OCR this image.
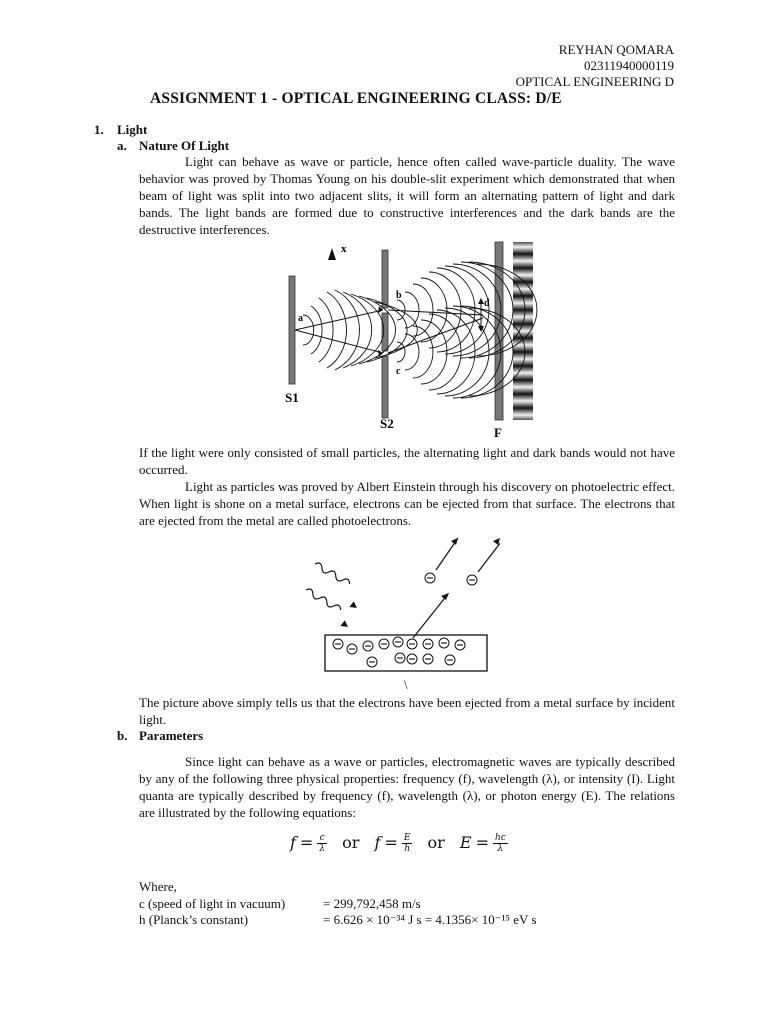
REYHAN QOMARA
02311940000119
OPTICAL ENGINEERING D
ASSIGNMENT 1 - OPTICAL ENGINEERING CLASS: D/E
1. Light
a. Nature Of Light
Light can behave as wave or particle, hence often called wave-particle duality. The wave behavior was proved by Thomas Young on his double-slit experiment which demonstrated that when beam of light was split into two adjacent slits, it will form an alternating pattern of light and dark bands. The light bands are formed due to constructive interferences and the dark bands are the destructive interferences.
x
a
b
c
d
S1
S2
F
If the light were only consisted of small particles, the alternating light and dark bands would not have occurred.
Light as particles was proved by Albert Einstein through his discovery on photoelectric effect. When light is shone on a metal surface, electrons can be ejected from that surface. The electrons that are ejected from the metal are called photoelectrons.
\
The picture above simply tells us that the electrons have been ejected from a metal surface by incident light.
b. Parameters
Since light can behave as a wave or particles, electromagnetic waves are typically described by any of the following three physical properties: frequency (f), wavelength (λ), or intensity (I). Light quanta are typically described by frequency (f), wavelength (λ), or photon energy (E). The relations are illustrated by the following equations:
$f = \frac{c}{\lambda}$ or $f = \frac{E}{h}$ or $E = \frac{hc}{\lambda}$
Where,
c (speed of light in vacuum)	= 299,792,458 m/s
h (Planck’s constant)	= 6.626 × 10⁻³⁴ J s = 4.1356× 10⁻¹⁵ eV s
